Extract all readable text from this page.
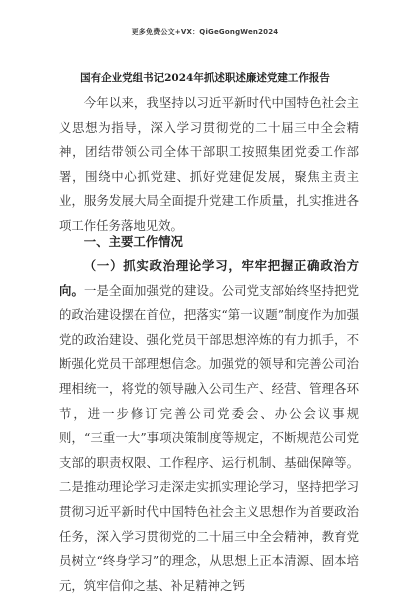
更多免费公文+VX：QiGeGongWen2024
国有企业党组书记2024年抓述职述廉述党建工作报告
今年以来，我坚持以习近平新时代中国特色社会主义思想为指导，深入学习贯彻党的二十届三中全会精神，团结带领公司全体干部职工按照集团党委工作部署，围绕中心抓党建、抓好党建促发展，聚焦主责主业，服务发展大局全面提升党建工作质量，扎实推进各项工作任务落地见效。
一、主要工作情况
（一）抓实政治理论学习，牢牢把握正确政治方向。一是全面加强党的建设。公司党支部始终坚持把党的政治建设摆在首位，把落实“第一议题”制度作为加强党的政治建设、强化党员干部思想淬炼的有力抓手，不断强化党员干部理想信念。加强党的领导和完善公司治理相统一，将党的领导融入公司生产、经营、管理各环节，进一步修订完善公司党委会、办公会议事规则，“三重一大”事项决策制度等规定，不断规范公司党支部的职责权限、工作程序、运行机制、基础保障等。二是推动理论学习走深走实抓实理论学习，坚持把学习贯彻习近平新时代中国特色社会主义思想作为首要政治任务，深入学习贯彻党的二十届三中全会精神，教育党员树立“终身学习”的理念，从思想上正本清源、固本培元，筑牢信仰之基、补足精神之钙
